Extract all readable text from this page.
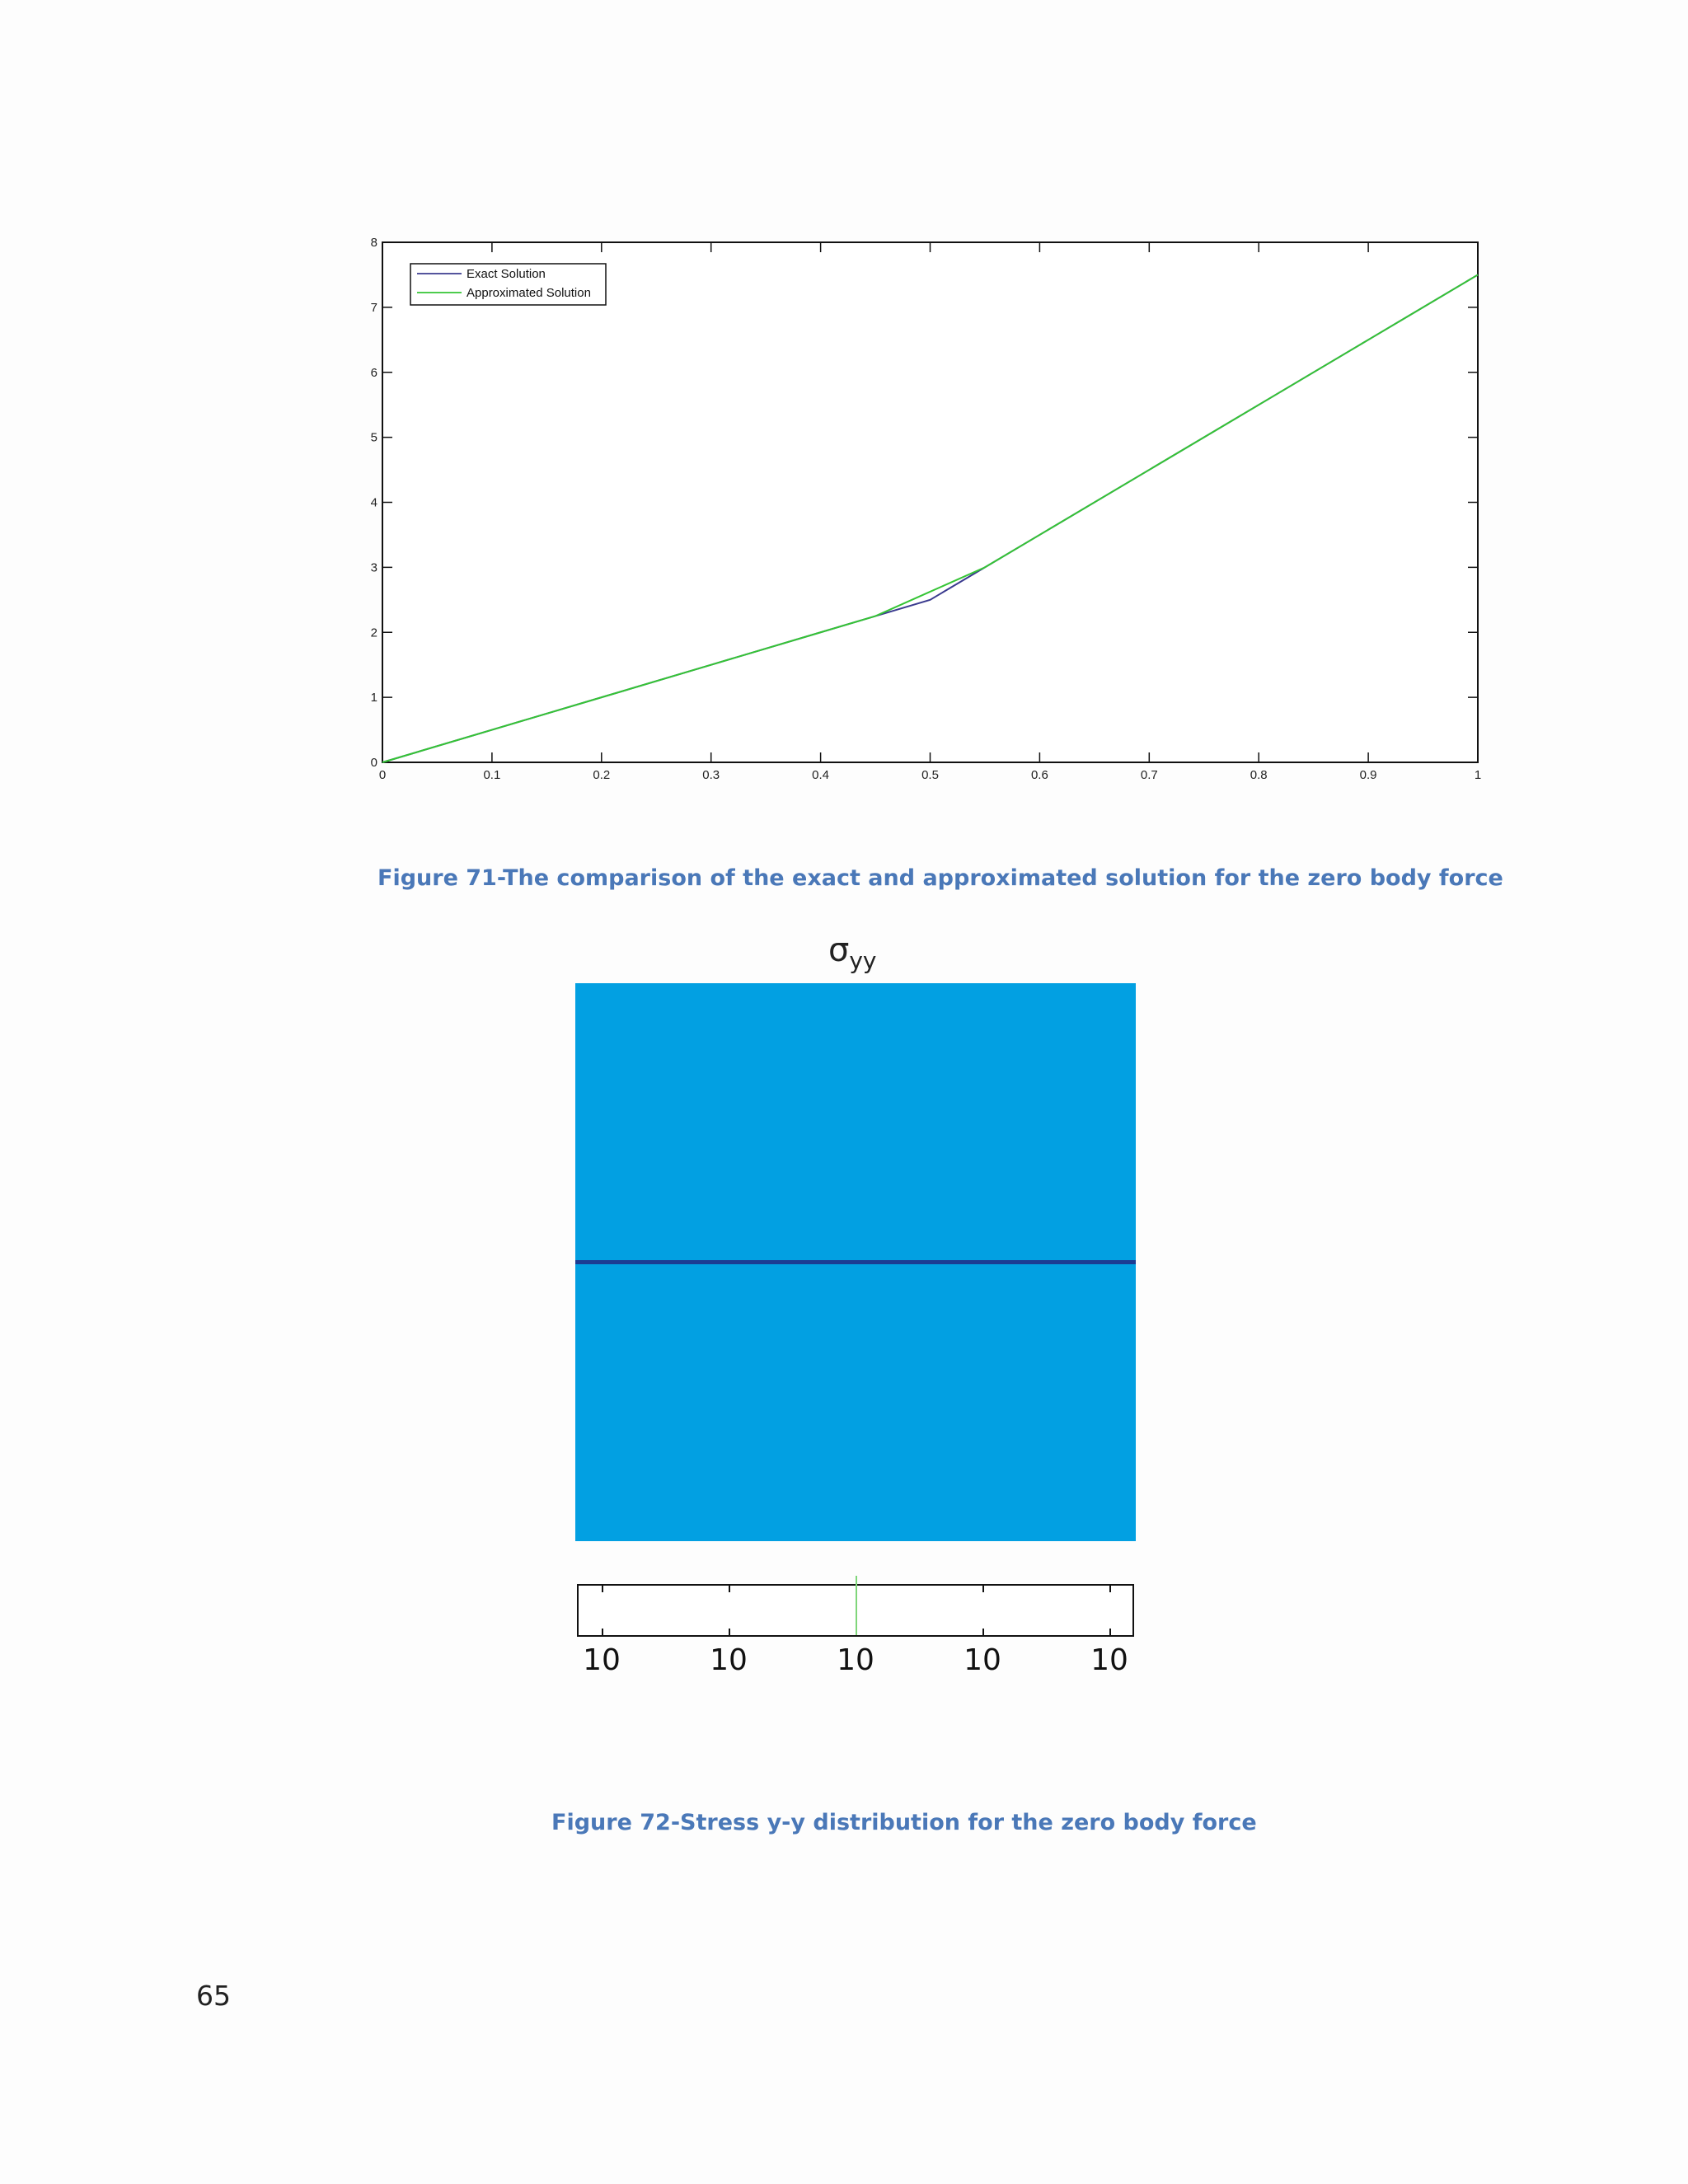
0	0.1	0.2	0.3	0.4	0.5	0.6	0.7	0.8	0.9	1
0
1
2
3
4
5
6
7
8
Exact Solution
Approximated Solution
Figure 71-The comparison of the exact and approximated solution for the zero body force
$\sigma_{yy}$
10	10	10	10	10
Figure 72-Stress y-y distribution for the zero body force
65
